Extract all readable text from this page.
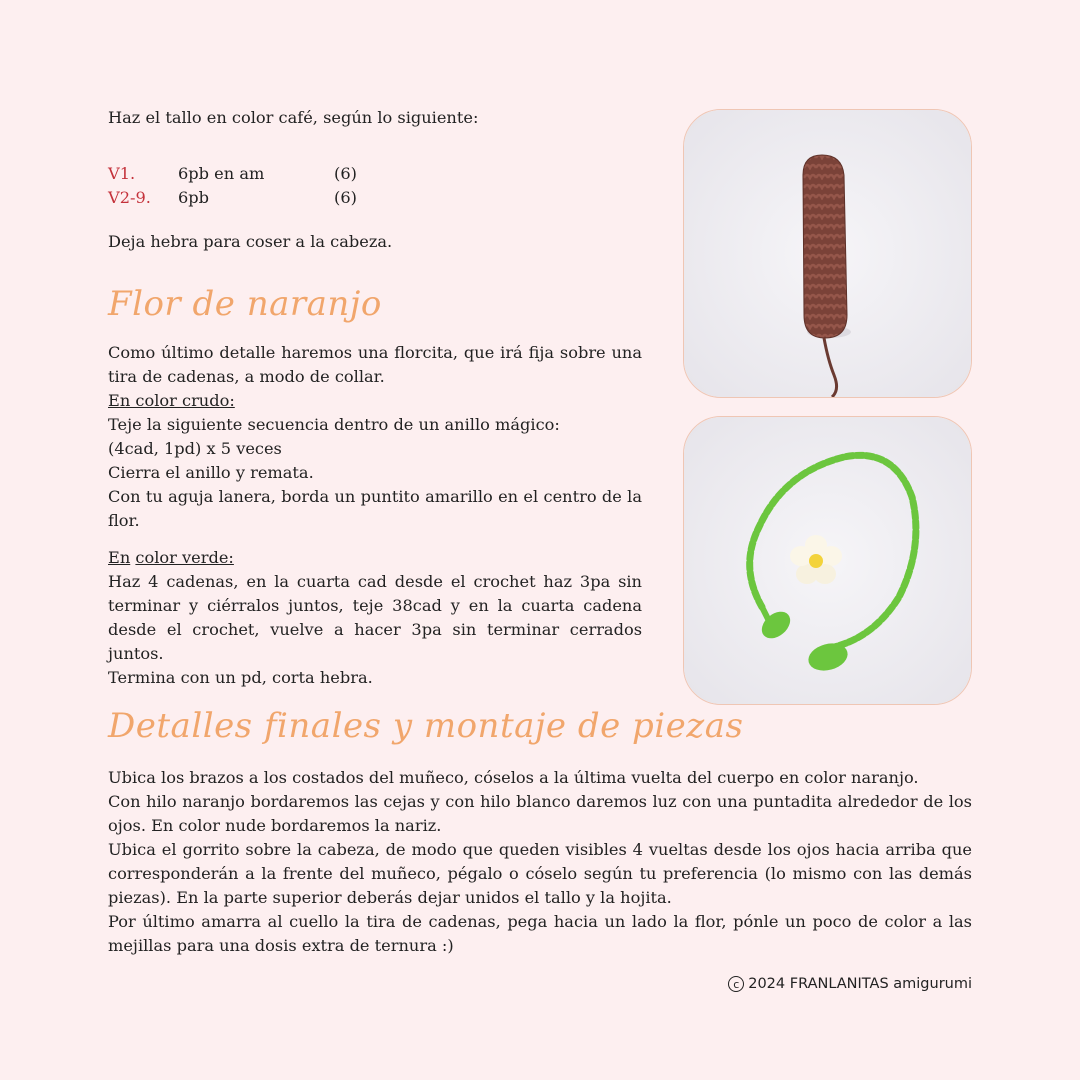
Haz el tallo en color café, según lo siguiente:
V1.	6pb en am	(6)
V2-9.	6pb	(6)
Deja hebra para coser a la cabeza.
Flor de naranjo
Como último detalle haremos una florcita, que irá fija sobre una tira de cadenas, a modo de collar.
En color crudo:
Teje la siguiente secuencia dentro de un anillo mágico:
(4cad, 1pd) x 5 veces
Cierra el anillo y remata.
Con tu aguja lanera, borda un puntito amarillo en el centro de la flor.
En color verde:
Haz 4 cadenas, en la cuarta cad desde el crochet haz 3pa sin terminar y ciérralos juntos, teje 38cad y en la cuarta cadena desde el crochet, vuelve a hacer 3pa sin terminar cerrados juntos.
Termina con un pd, corta hebra.
Detalles finales y montaje de piezas
Ubica los brazos a los costados del muñeco, cóselos a la última vuelta del cuerpo en color naranjo.
Con hilo naranjo bordaremos las cejas y con hilo blanco daremos luz con una puntadita alrededor de los ojos. En color nude bordaremos la nariz.
Ubica el gorrito sobre la cabeza, de modo que queden visibles 4 vueltas desde los ojos hacia arriba que corresponderán a la frente del muñeco, pégalo o cóselo según tu preferencia (lo mismo con las demás piezas). En la parte superior deberás dejar unidos el tallo y la hojita.
Por último amarra al cuello la tira de cadenas, pega hacia un lado la flor, pónle un poco de color a las mejillas para una dosis extra de ternura :)
c 2024 FRANLANITAS amigurumi
